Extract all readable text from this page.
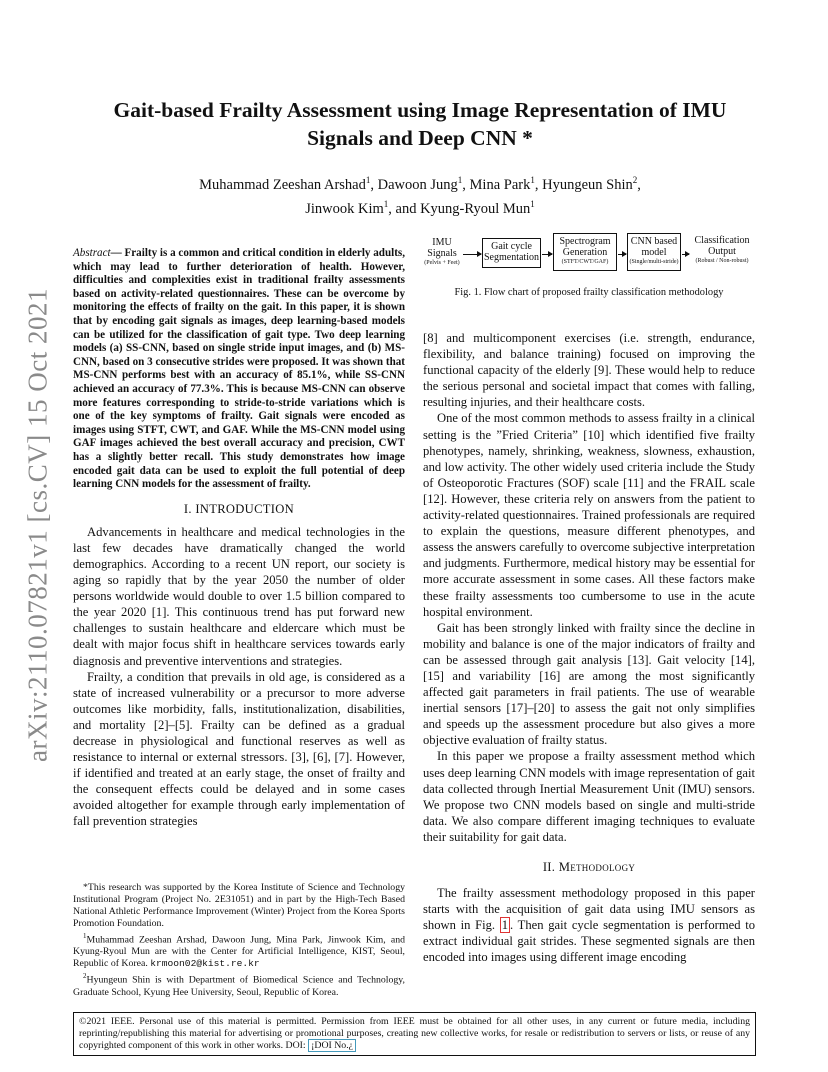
arXiv:2110.07821v1 [cs.CV] 15 Oct 2021
Gait-based Frailty Assessment using Image Representation of IMU
Signals and Deep CNN *
Muhammad Zeeshan Arshad$^1$, Dawoon Jung$^1$, Mina Park$^1$, Hyungeun Shin$^2$,
Jinwook Kim$^1$, and Kyung-Ryoul Mun$^1$

Abstract— Frailty is a common and critical condition in elderly adults, which may lead to further deterioration of health. However, difficulties and complexities exist in traditional frailty assessments based on activity-related questionnaires. These can be overcome by monitoring the effects of frailty on the gait. In this paper, it is shown that by encoding gait signals as images, deep learning-based models can be utilized for the classification of gait type. Two deep learning models (a) SS-CNN, based on single stride input images, and (b) MS-CNN, based on 3 consecutive strides were proposed. It was shown that MS-CNN performs best with an accuracy of 85.1%, while SS-CNN achieved an accuracy of 77.3%. This is because MS-CNN can observe more features corresponding to stride-to-stride variations which is one of the key symptoms of frailty. Gait signals were encoded as images using STFT, CWT, and GAF. While the MS-CNN model using GAF images achieved the best overall accuracy and precision, CWT has a slightly better recall. This study demonstrates how image encoded gait data can be used to exploit the full potential of deep learning CNN models for the assessment of frailty.

I. INTRODUCTION

Advancements in healthcare and medical technologies in the last few decades have dramatically changed the world demographics. According to a recent UN report, our society is aging so rapidly that by the year 2050 the number of older persons worldwide would double to over 1.5 billion compared to the year 2020 [1]. This continuous trend has put forward new challenges to sustain healthcare and eldercare which must be dealt with major focus shift in healthcare services towards early diagnosis and preventive interventions and strategies.

Frailty, a condition that prevails in old age, is considered as a state of increased vulnerability or a precursor to more adverse outcomes like morbidity, falls, institutionalization, disabilities, and mortality [2]–[5]. Frailty can be defined as a gradual decrease in physiological and functional reserves as well as resistance to internal or external stressors. [3], [6], [7]. However, if identified and treated at an early stage, the onset of frailty and the consequent effects could be delayed and in some cases avoided altogether for example through early implementation of fall prevention strategies

*This research was supported by the Korea Institute of Science and Technology Institutional Program (Project No. 2E31051) and in part by the High-Tech Based National Athletic Performance Improvement (Winter) Project from the Korea Sports Promotion Foundation.

$^1$Muhammad Zeeshan Arshad, Dawoon Jung, Mina Park, Jinwook Kim, and Kyung-Ryoul Mun are with the Center for Artificial Intelligence, KIST, Seoul, Republic of Korea. krmoon02@kist.re.kr

$^2$Hyungeun Shin is with Department of Biomedical Science and Technology, Graduate School, Kyung Hee University, Seoul, Republic of Korea.

IMU
Signals
(Pelvis + Feet)
Gait cycle
Segmentation
Spectrogram
Generation
(STFT/CWT/GAF)
CNN based
model
(Single/multi-stride)
Classification
Output
(Robust / Non-robust)
Fig. 1. Flow chart of proposed frailty classification methodology

[8] and multicomponent exercises (i.e. strength, endurance, flexibility, and balance training) focused on improving the functional capacity of the elderly [9]. These would help to reduce the serious personal and societal impact that comes with falling, resulting injuries, and their healthcare costs.

One of the most common methods to assess frailty in a clinical setting is the ”Fried Criteria” [10] which identified five frailty phenotypes, namely, shrinking, weakness, slowness, exhaustion, and low activity. The other widely used criteria include the Study of Osteoporotic Fractures (SOF) scale [11] and the FRAIL scale [12]. However, these criteria rely on answers from the patient to activity-related questionnaires. Trained professionals are required to explain the questions, measure different phenotypes, and assess the answers carefully to overcome subjective interpretation and judgments. Furthermore, medical history may be essential for more accurate assessment in some cases. All these factors make these frailty assessments too cumbersome to use in the acute hospital environment.

Gait has been strongly linked with frailty since the decline in mobility and balance is one of the major indicators of frailty and can be assessed through gait analysis [13]. Gait velocity [14], [15] and variability [16] are among the most significantly affected gait parameters in frail patients. The use of wearable inertial sensors [17]–[20] to assess the gait not only simplifies and speeds up the assessment procedure but also gives a more objective evaluation of frailty status.

In this paper we propose a frailty assessment method which uses deep learning CNN models with image representation of gait data collected through Inertial Measurement Unit (IMU) sensors. We propose two CNN models based on single and multi-stride data. We also compare different imaging techniques to evaluate their suitability for gait data.

II. Methodology

The frailty assessment methodology proposed in this paper starts with the acquisition of gait data using IMU sensors as shown in Fig. 1 . Then gait cycle segmentation is performed to extract individual gait strides. These segmented signals are then encoded into images using different image encoding

©2021 IEEE. Personal use of this material is permitted. Permission from IEEE must be obtained for all other uses, in any current or future media, including reprinting/republishing this material for advertising or promotional purposes, creating new collective works, for resale or redistribution to servers or lists, or reuse of any copyrighted component of this work in other works. DOI: ¡DOI No.¿
